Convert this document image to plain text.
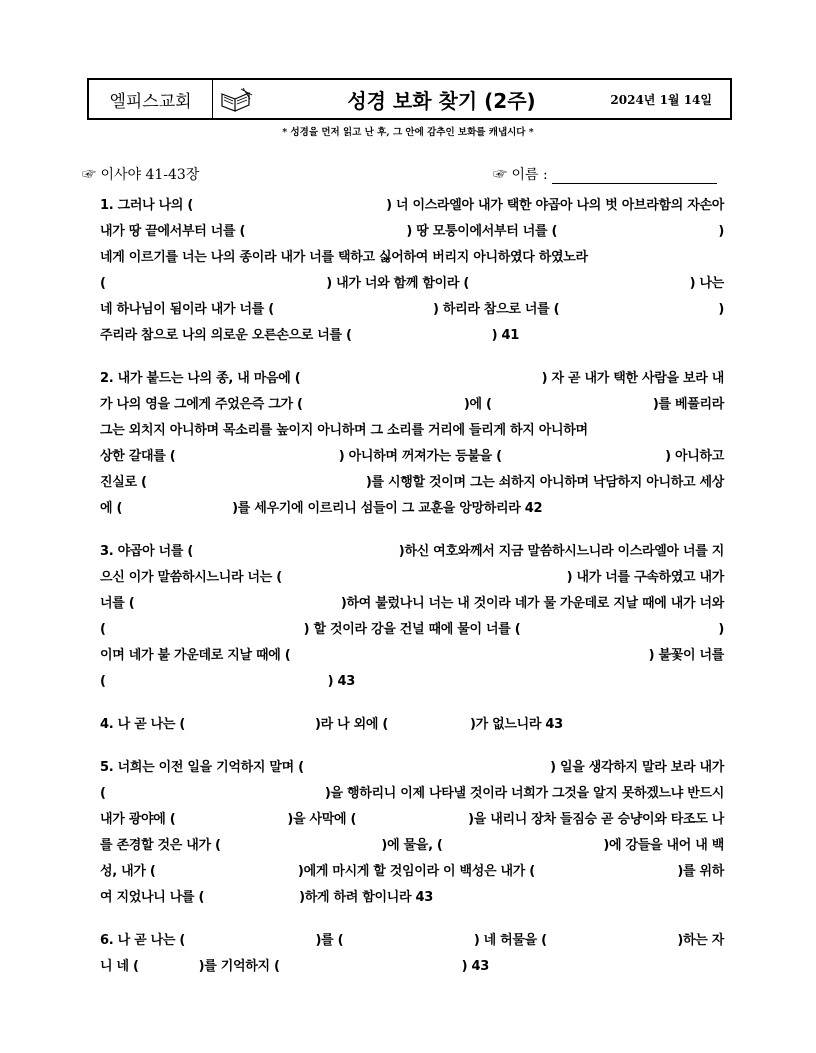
엘피스교회	성경 보화 찾기 (2주)	2024년 1월 14일
* 성경을 먼저 읽고 난 후, 그 안에 감추인 보화를 캐냅시다 *
☞ 이사야 41-43장	☞ 이름 :
1. 그러나 나의 (	) 너 이스라엘아 내가 택한 야곱아 나의 벗 아브라함의 자손아
내가 땅 끝에서부터 너를 (	) 땅 모퉁이에서부터 너를 (	)
네게 이르기를 너는 나의 종이라 내가 너를 택하고 싫어하여 버리지 아니하였다 하였노라
(	) 내가 너와 함께 함이라 (	) 나는
네 하나님이 됨이라 내가 너를 (	) 하리라 참으로 너를 (	)
주리라 참으로 나의 의로운 오른손으로 너를 (	) 41
2. 내가 붙드는 나의 종, 내 마음에 (	) 자 곧 내가 택한 사람을 보라 내
가 나의 영을 그에게 주었은즉 그가 (	)에 (	)를 베풀리라
그는 외치지 아니하며 목소리를 높이지 아니하며 그 소리를 거리에 들리게 하지 아니하며
상한 갈대를 (	) 아니하며 꺼져가는 등불을 (	) 아니하고
진실로 (	)를 시행할 것이며 그는 쇠하지 아니하며 낙담하지 아니하고 세상
에 (	)를 세우기에 이르리니 섬들이 그 교훈을 앙망하리라 42
3. 야곱아 너를 (	)하신 여호와께서 지금 말씀하시느니라 이스라엘아 너를 지
으신 이가 말씀하시느니라 너는 (	) 내가 너를 구속하였고 내가
너를 (	)하여 불렀나니 너는 내 것이라 네가 물 가운데로 지날 때에 내가 너와
(	) 할 것이라 강을 건널 때에 물이 너를 (	)
이며 네가 불 가운데로 지날 때에 (	) 불꽃이 너를
(	) 43
4. 나 곧 나는 (	)라 나 외에 (	)가 없느니라 43
5. 너희는 이전 일을 기억하지 말며 (	) 일을 생각하지 말라 보라 내가
(	)을 행하리니 이제 나타낼 것이라 너희가 그것을 알지 못하겠느냐 반드시
내가 광야에 (	)을 사막에 (	)을 내리니 장차 들짐승 곧 승냥이와 타조도 나
를 존경할 것은 내가 (	)에 물을, (	)에 강들을 내어 내 백
성, 내가 (	)에게 마시게 할 것임이라 이 백성은 내가 (	)를 위하
여 지었나니 나를 (	)하게 하려 함이니라 43
6. 나 곧 나는 (	)를 (	) 네 허물을 (	)하는 자
니 네 (	)를 기억하지 (	) 43
